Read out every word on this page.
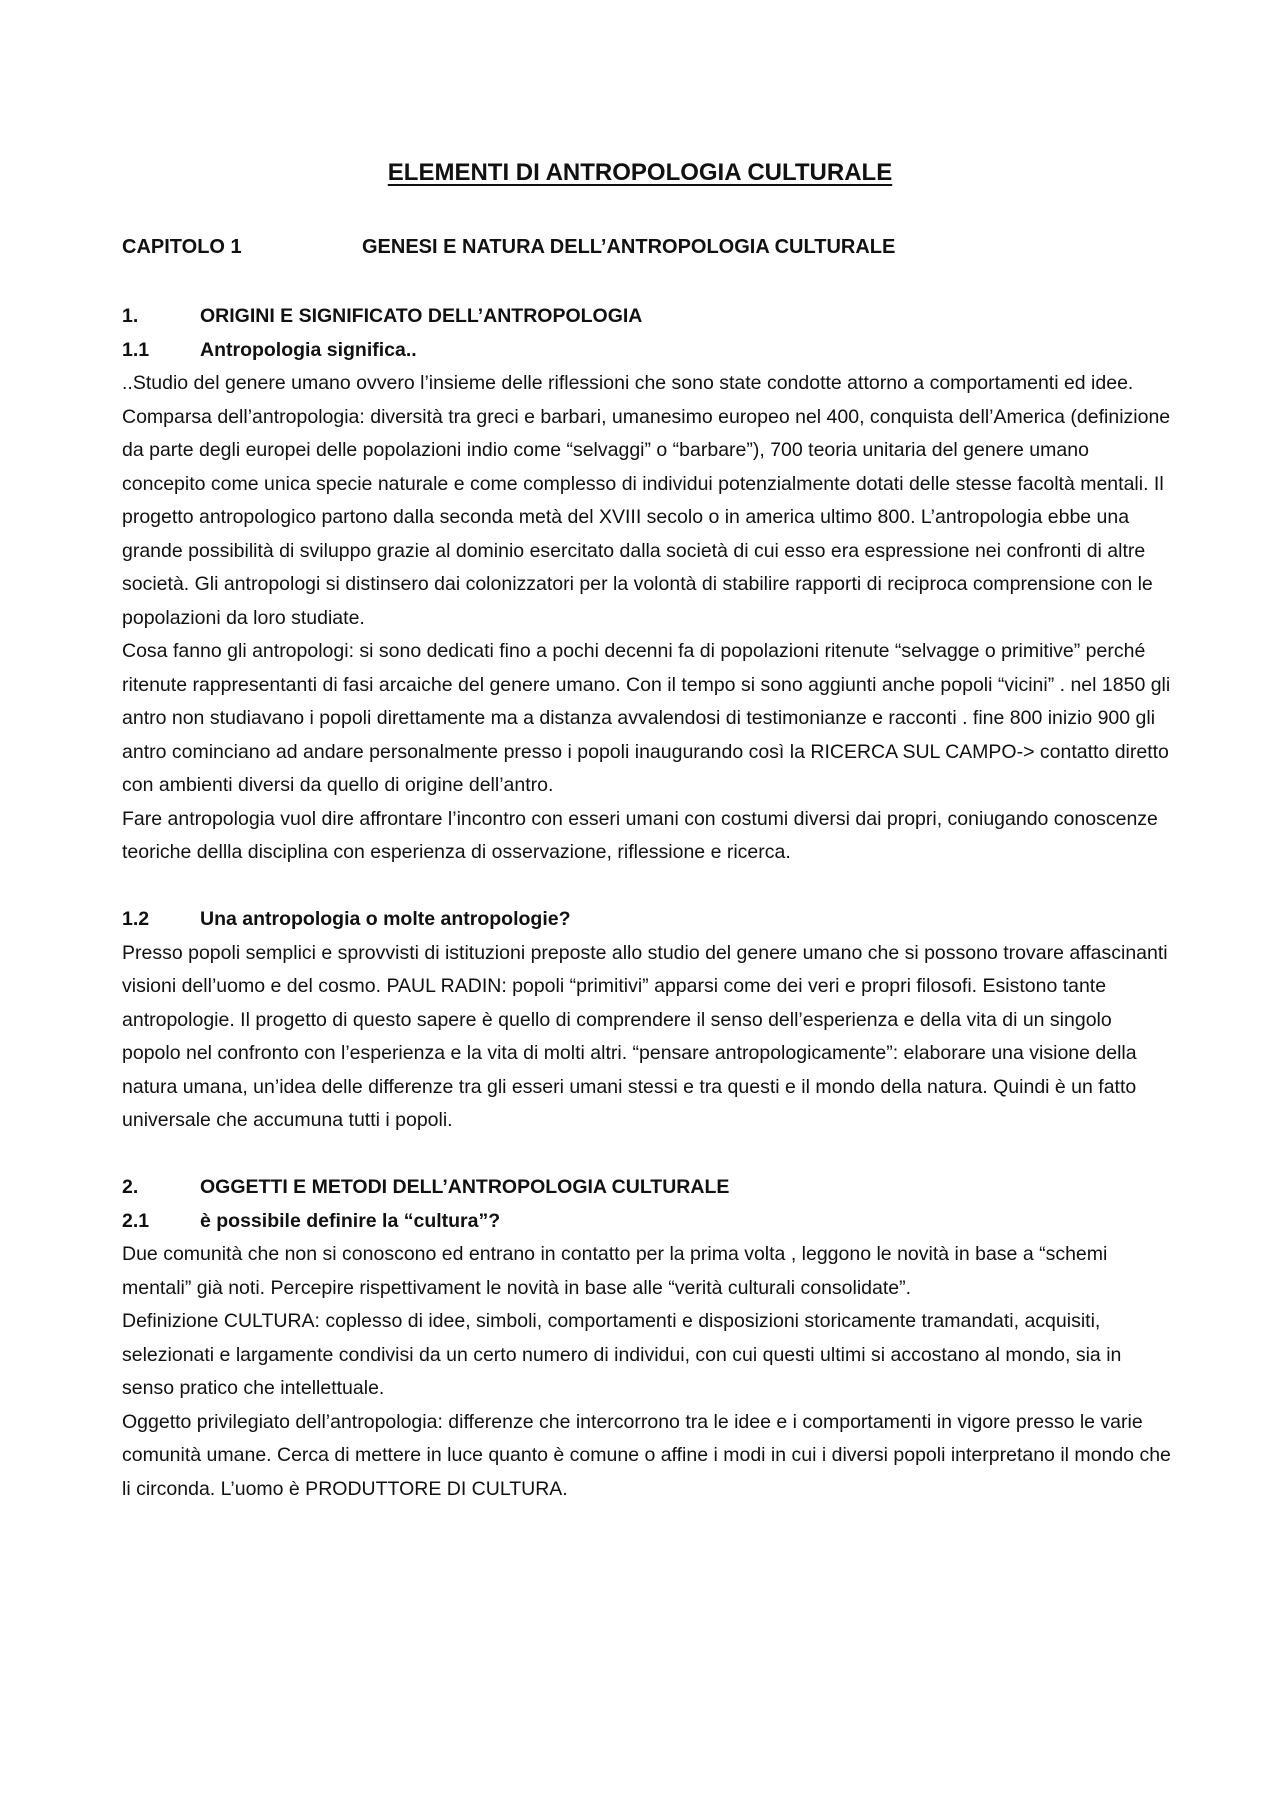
ELEMENTI DI ANTROPOLOGIA CULTURALE
CAPITOLO 1	GENESI E NATURA DELL’ANTROPOLOGIA CULTURALE
1.	ORIGINI E SIGNIFICATO DELL’ANTROPOLOGIA
1.1	Antropologia significa..

..Studio del genere umano ovvero l’insieme delle riflessioni che sono state condotte attorno a comportamenti ed idee.

Comparsa dell’antropologia: diversità tra greci e barbari, umanesimo europeo nel 400, conquista dell’America (definizione da parte degli europei delle popolazioni indio come “selvaggi” o “barbare”), 700 teoria unitaria del genere umano concepito come unica specie naturale e come complesso di individui potenzialmente dotati delle stesse facoltà mentali. Il progetto antropologico partono dalla seconda metà del XVIII secolo o in america ultimo 800. L’antropologia ebbe una grande possibilità di sviluppo grazie al dominio esercitato dalla società di cui esso era espressione nei confronti di altre società. Gli antropologi si distinsero dai colonizzatori per la volontà di stabilire rapporti di reciproca comprensione con le popolazioni da loro studiate.

Cosa fanno gli antropologi: si sono dedicati fino a pochi decenni fa di popolazioni ritenute “selvagge o primitive” perché ritenute rappresentanti di fasi arcaiche del genere umano. Con il tempo si sono aggiunti anche popoli “vicini” . nel 1850 gli antro non studiavano i popoli direttamente ma a distanza avvalendosi di testimonianze e racconti . fine 800 inizio 900 gli antro cominciano ad andare personalmente presso i popoli inaugurando così la RICERCA SUL CAMPO-> contatto diretto con ambienti diversi da quello di origine dell’antro.

Fare antropologia vuol dire affrontare l’incontro con esseri umani con costumi diversi dai propri, coniugando conoscenze teoriche dellla disciplina con esperienza di osservazione, riflessione e ricerca.

1.2	Una antropologia o molte antropologie?

Presso popoli semplici e sprovvisti di istituzioni preposte allo studio del genere umano che si possono trovare affascinanti visioni dell’uomo e del cosmo. PAUL RADIN: popoli “primitivi” apparsi come dei veri e propri filosofi. Esistono tante antropologie. Il progetto di questo sapere è quello di comprendere il senso dell’esperienza e della vita di un singolo popolo nel confronto con l’esperienza e la vita di molti altri. “pensare antropologicamente”: elaborare una visione della natura umana, un’idea delle differenze tra gli esseri umani stessi e tra questi e il mondo della natura. Quindi è un fatto universale che accumuna tutti i popoli.

2.	OGGETTI E METODI DELL’ANTROPOLOGIA CULTURALE
2.1	è possibile definire la “cultura”?

Due comunità che non si conoscono ed entrano in contatto per la prima volta , leggono le novità in base a “schemi mentali” già noti. Percepire rispettivament le novità in base alle “verità culturali consolidate”.

Definizione CULTURA: coplesso di idee, simboli, comportamenti e disposizioni storicamente tramandati, acquisiti, selezionati e largamente condivisi da un certo numero di individui, con cui questi ultimi si accostano al mondo, sia in senso pratico che intellettuale.

Oggetto privilegiato dell’antropologia: differenze che intercorrono tra le idee e i comportamenti in vigore presso le varie comunità umane. Cerca di mettere in luce quanto è comune o affine i modi in cui i diversi popoli interpretano il mondo che li circonda. L’uomo è PRODUTTORE DI CULTURA.
